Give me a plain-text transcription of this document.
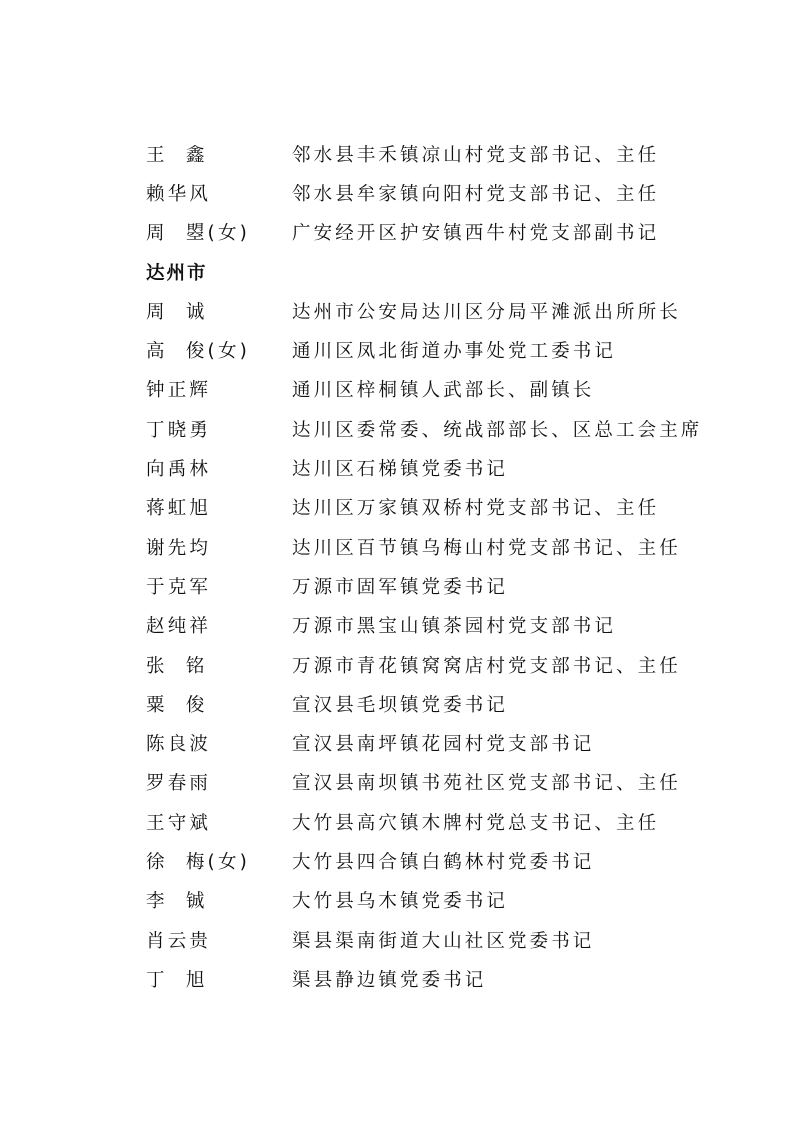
王  鑫	邻水县丰禾镇凉山村党支部书记、主任
赖华风	邻水县牟家镇向阳村党支部书记、主任
周  曌(女)	广安经开区护安镇西牛村党支部副书记
达州市
周  诚	达州市公安局达川区分局平滩派出所所长
高  俊(女)	通川区凤北街道办事处党工委书记
钟正辉	通川区梓桐镇人武部长、副镇长
丁晓勇	达川区委常委、统战部部长、区总工会主席
向禹林	达川区石梯镇党委书记
蒋虹旭	达川区万家镇双桥村党支部书记、主任
谢先均	达川区百节镇乌梅山村党支部书记、主任
于克军	万源市固军镇党委书记
赵纯祥	万源市黑宝山镇茶园村党支部书记
张  铭	万源市青花镇窝窝店村党支部书记、主任
粟  俊	宣汉县毛坝镇党委书记
陈良波	宣汉县南坪镇花园村党支部书记
罗春雨	宣汉县南坝镇书苑社区党支部书记、主任
王守斌	大竹县高穴镇木牌村党总支书记、主任
徐  梅(女)	大竹县四合镇白鹤林村党委书记
李  铖	大竹县乌木镇党委书记
肖云贵	渠县渠南街道大山社区党委书记
丁  旭	渠县静边镇党委书记
